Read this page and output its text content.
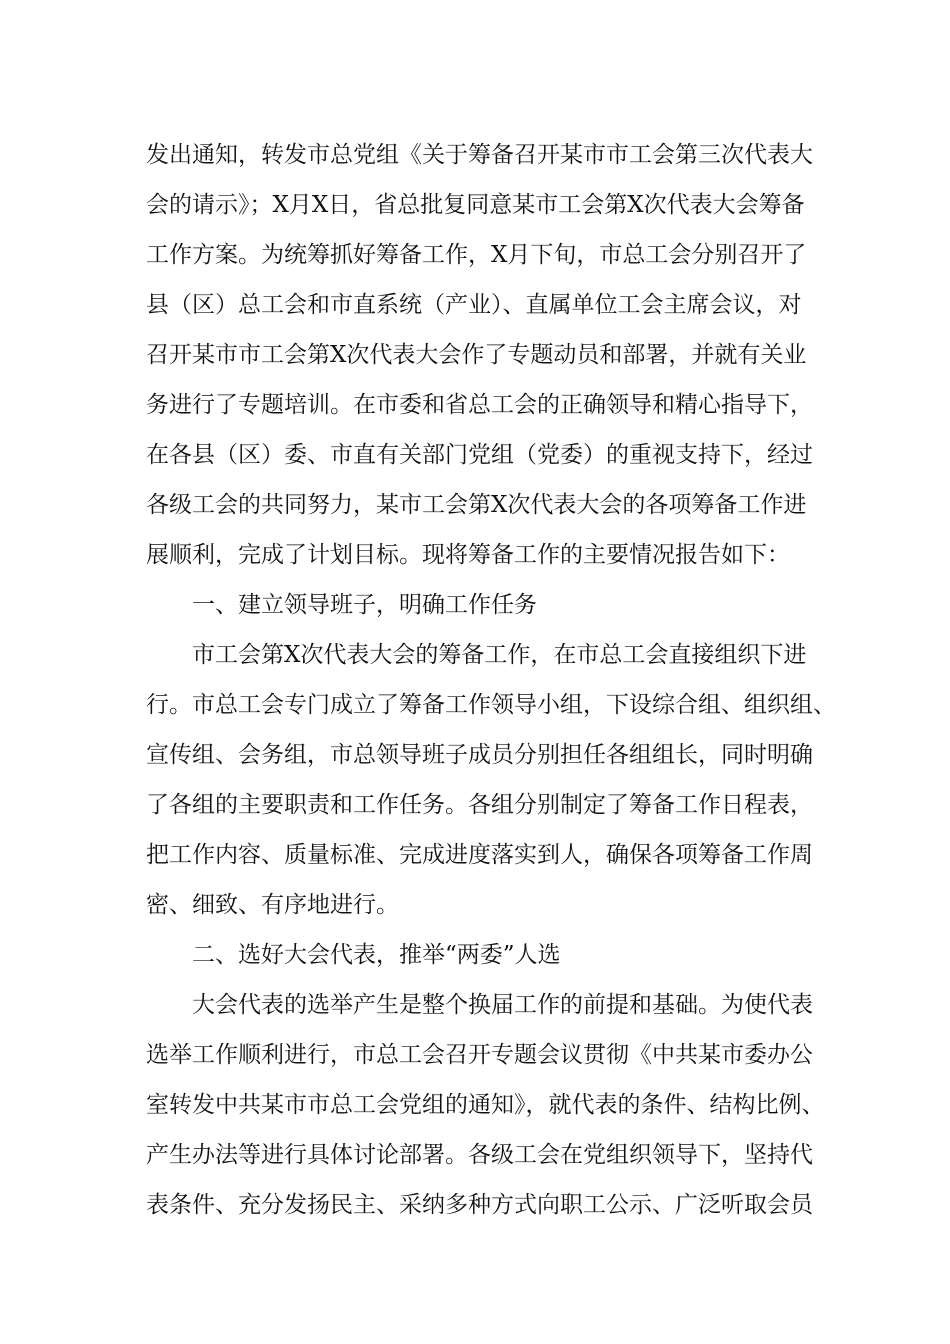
发出通知，转发市总党组《关于筹备召开某市市工会第三次代表大
会的请示》；X月X日，省总批复同意某市工会第X次代表大会筹备
工作方案。为统筹抓好筹备工作，X月下旬，市总工会分别召开了
县（区）总工会和市直系统（产业）、直属单位工会主席会议，对
召开某市市工会第X次代表大会作了专题动员和部署，并就有关业
务进行了专题培训。在市委和省总工会的正确领导和精心指导下，
在各县（区）委、市直有关部门党组（党委）的重视支持下，经过
各级工会的共同努力，某市工会第X次代表大会的各项筹备工作进
展顺利，完成了计划目标。现将筹备工作的主要情况报告如下：
一、建立领导班子，明确工作任务
市工会第X次代表大会的筹备工作，在市总工会直接组织下进
行。市总工会专门成立了筹备工作领导小组，下设综合组、组织组、
宣传组、会务组，市总领导班子成员分别担任各组组长，同时明确
了各组的主要职责和工作任务。各组分别制定了筹备工作日程表，
把工作内容、质量标准、完成进度落实到人，确保各项筹备工作周
密、细致、有序地进行。
二、选好大会代表，推举“两委”人选
大会代表的选举产生是整个换届工作的前提和基础。为使代表
选举工作顺利进行，市总工会召开专题会议贯彻《中共某市委办公
室转发中共某市市总工会党组的通知》，就代表的条件、结构比例、
产生办法等进行具体讨论部署。各级工会在党组织领导下，坚持代
表条件、充分发扬民主、采纳多种方式向职工公示、广泛听取会员
